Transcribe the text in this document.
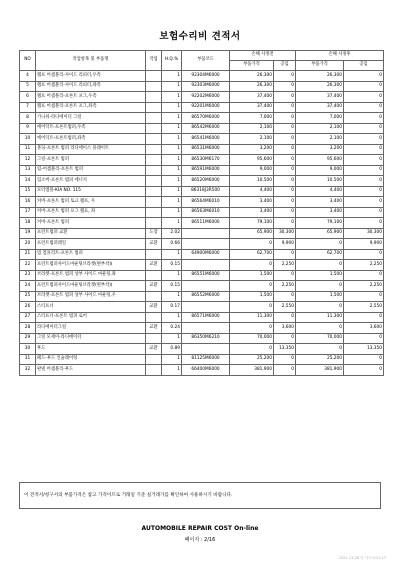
보험수리비 견적서
NO	작업항목 및 부품명	작업	H.Q.%	부품코드	손해 사정전		손해 사정후	
					부품가격	공임	부품가격	공임
4	램프 어셈블리-사이드 리피터,우측		1	92304M6000	26,300	0	26,300	0
5	램프 어셈블리-사이드 리피터,좌측		1	92303M6000	26,300	0	26,300	0
6	램프 어셈블리-프론트 포그,우측		1	92202M6000	37,400	0	37,400	0
7	램프 어셈블리-프론트 포그,좌측		1	92201M6000	37,400	0	37,400	0
8	가니쉬-라디에이터 그릴		1	86570M6000	7,000	0	7,000	0
9	에어덕트-프론트범퍼,우측		1	86542M6000	2,100	0	2,100	0
10	에어덕트-프론트범퍼,좌측		1	86541M6000	2,100	0	2,100	0
11	몰딩-프론트 범퍼 라디에이스 플레이트		1	86531M6000	3,200	0	3,200	0
12	그릴-프론트 범퍼		1	86530M6170	95,600	0	95,600	0
13	립-어셈블리-프론트 범퍼		1	86591M6000	9,000	0	9,000	0
14	업소버-프론트 범퍼 에너지		1	86520M6000	10,500	0	10,500	0
15	모터엠블-KIA NO. 115		1	86318J3R500	4,400	0	4,400	0
16	커버-프론트 범퍼 토크 램프, 우		1	86564M6010	3,400	0	3,400	0
17	커버-프론트 범퍼 포그 램프, 좌		1	86563M6010	3,400	0	3,400	0
18	커버-프론트 범퍼		1	86511M6000	79,100	0	79,100	0
19	프런트범퍼 교환	도장	2.02		65,900	30,300	65,900	30,300
20	프런트범퍼레일	교환	0.66		0	9,900	0	9,900
21	빔 컴플리트-프론트 범퍼		1	64900M6000	62,700	0	62,700	0
22	프런트범퍼사이드마운팅브라켓(변부착)(	교환	0.15		0	2,250	0	2,250
23	브라켓-프론트 범퍼 상부 사이드 마운팅,좌		1	86551M6000	1,500	0	1,500	0
24	프런트범퍼사이드마운팅브라켓(변부착)(	교환	0.15		0	2,250	0	2,250
25	브라켓-프론트 범퍼 상부 사이드 마운팅,우		1	86552M6000	1,500	0	1,500	0
26	스티프너	교환	0.17		0	2,550	0	2,550
27	스티프너-프론트 범퍼 로어		1	86571M6000	11,300	0	11,300	0
28	라디에이터그릴	교환	0.24		0	3,600	0	3,600
29	그릴 모세이-라디에이터		1	86350M6210	70,000	0	70,000	0
30	후드	교환	0.89		0	13,350	0	13,350
31	패드-후드 인슐레이팅		1	81125M6000	25,200	0	25,200	0
32	판넬 어셈블리-후드		1	66400M6000	381,900	0	381,900	0
이 견적서/청구서의 부품가격은 참고 가격이므로 거래일 기준 실거래가를 확인하여 사용하시기 바랍니다.
AUTOMOBILE REPAIR COST On-line
페이지 : 2/16
2021-11-26 인 사시 0:21:27
